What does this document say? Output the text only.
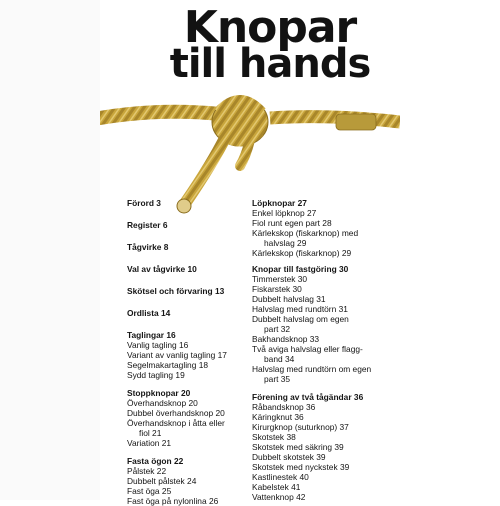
Knopar
till hands
Förord 3
Register 6
Tågvirke 8
Val av tågvirke 10
Skötsel och förvaring 13
Ordlista 14
Taglingar 16
Vanlig tagling 16
Variant av vanlig tagling 17
Segelmakartagling 18
Sydd tagling 19
Stoppknopar 20
Överhandsknop 20
Dubbel överhandsknop 20
Överhandsknop i åtta eller
fiol 21
Variation 21
Fasta ögon 22
Pålstek 22
Dubbelt pålstek 24
Fast öga 25
Fast öga på nylonlina 26
Löpknopar 27
Enkel löpknop 27
Fiol runt egen part 28
Kärlekskop (fiskarknop) med
halvslag 29
Kärlekskop (fiskarknop) 29
Knopar till fastgöring 30
Timmerstek 30
Fiskarstek 30
Dubbelt halvslag 31
Halvslag med rundtörn 31
Dubbelt halvslag om egen
part 32
Bakhandsknop 33
Två aviga halvslag eller flagg-
band 34
Halvslag med rundtörn om egen
part 35
Förening av två tågändar 36
Råbandsknop 36
Käringknut 36
Kirurgknop (suturknop) 37
Skotstek 38
Skotstek med säkring 39
Dubbelt skotstek 39
Skotstek med nyckstek 39
Kastlinestek 40
Kabelstek 41
Vattenknop 42
